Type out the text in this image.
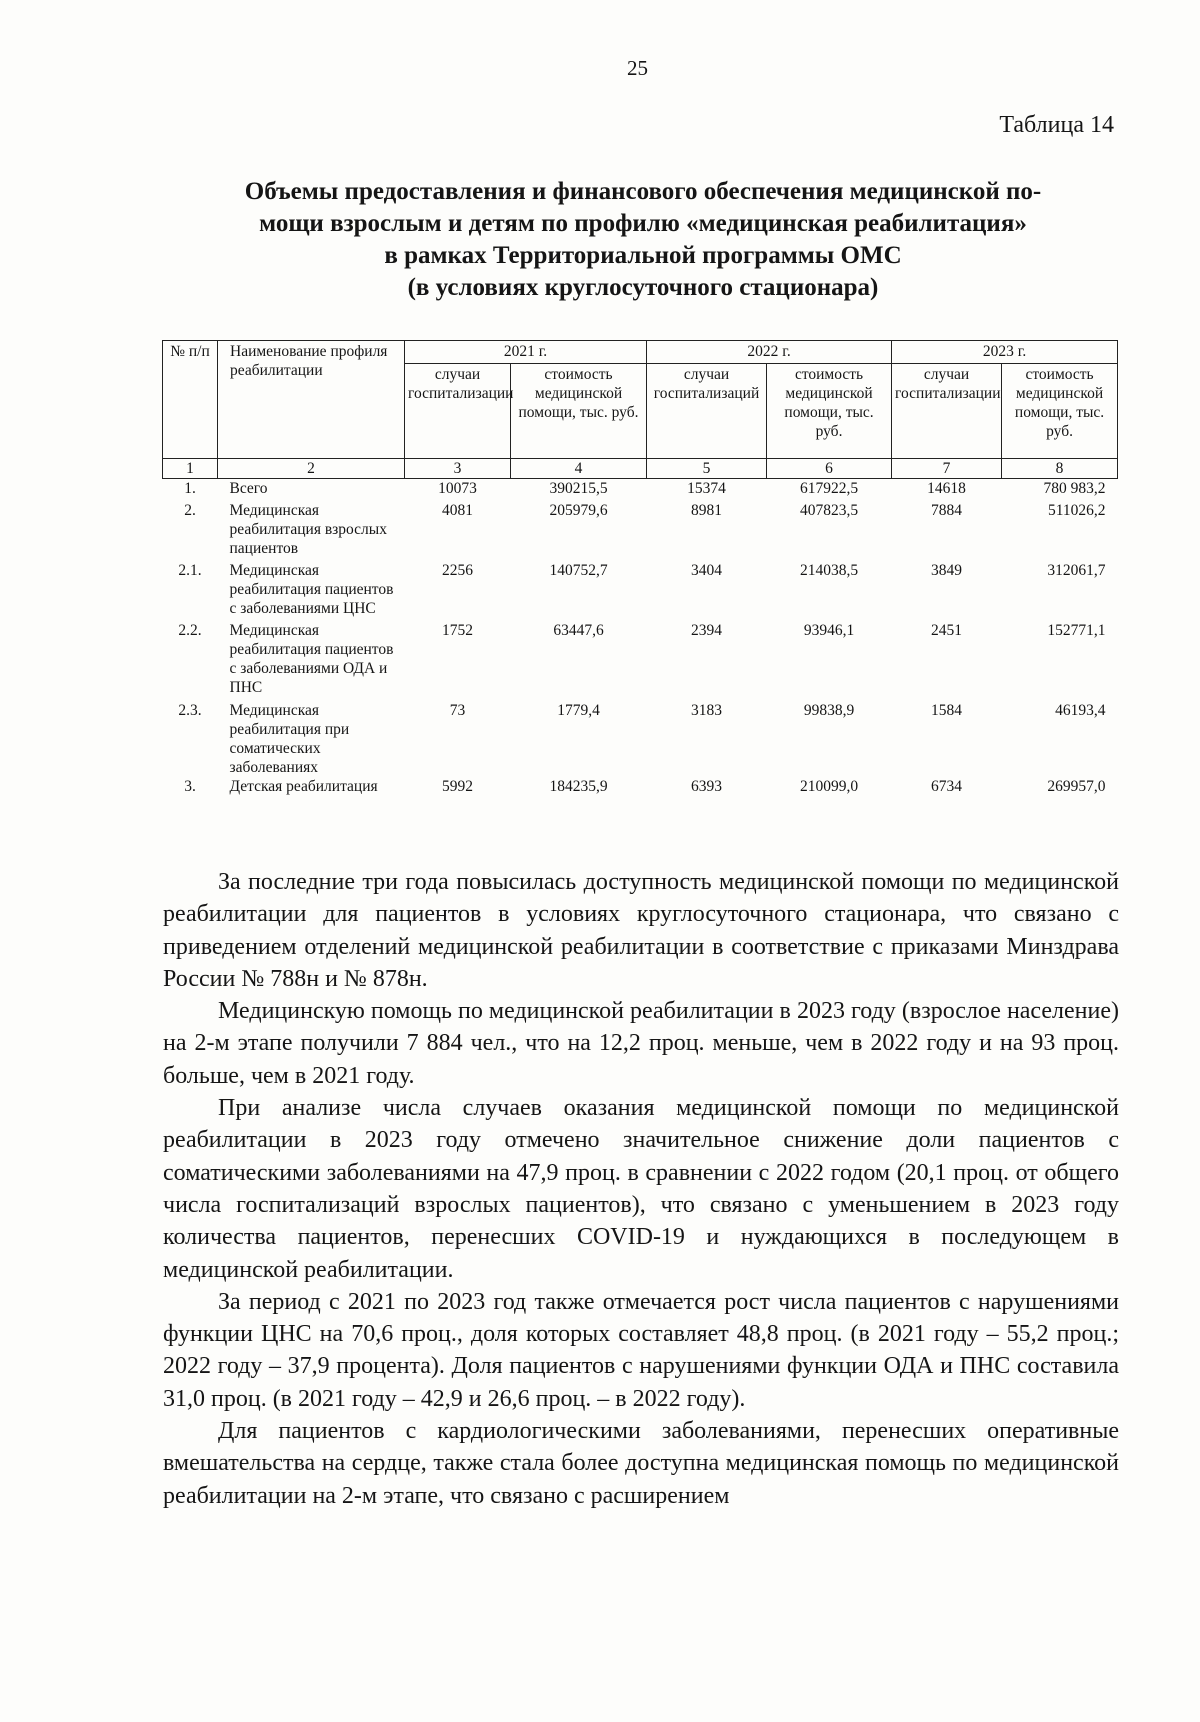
25
Таблица 14
Объемы предоставления и финансового обеспечения медицинской по-
мощи взрослым и детям по профилю «медицинская реабилитация»
в рамках Территориальной программы ОМС
(в условиях круглосуточного стационара)
№ п/п	Наименование профиля реабилитации	2021 г.		2022 г.		2023 г.	
		случаи госпитализации	стоимость медицинской помощи, тыс. руб.	случаи госпитализаций	стоимость медицинской помощи, тыс. руб.	случаи госпитализации	стоимость медицинской помощи, тыс. руб.
1	2	3	4	5	6	7	8
1.	Всего	10073	390215,5	15374	617922,5	14618	780 983,2
2.	Медицинская реабилитация взрослых пациентов	4081	205979,6	8981	407823,5	7884	511026,2
2.1.	Медицинская реабилитация пациентов с заболеваниями ЦНС	2256	140752,7	3404	214038,5	3849	312061,7
2.2.	Медицинская реабилитация пациентов с заболеваниями ОДА и ПНС	1752	63447,6	2394	93946,1	2451	152771,1
2.3.	Медицинская реабилитация при соматических заболеваниях	73	1779,4	3183	99838,9	1584	46193,4
3.	Детская реабилитация	5992	184235,9	6393	210099,0	6734	269957,0

За последние три года повысилась доступность медицинской помощи по медицинской реабилитации для пациентов в условиях круглосуточного стационара, что связано с приведением отделений медицинской реабилитации в соответствие с приказами Минздрава России № 788н и № 878н.

Медицинскую помощь по медицинской реабилитации в 2023 году (взрослое население) на 2-м этапе получили 7 884 чел., что на 12,2 проц. меньше, чем в 2022 году и на 93 проц. больше, чем в 2021 году.

При анализе числа случаев оказания медицинской помощи по медицинской реабилитации в 2023 году отмечено значительное снижение доли пациентов с соматическими заболеваниями на 47,9 проц. в сравнении с 2022 годом (20,1 проц. от общего числа госпитализаций взрослых пациентов), что связано с уменьшением в 2023 году количества пациентов, перенесших COVID-19 и нуждающихся в последующем в медицинской реабилитации.

За период с 2021 по 2023 год также отмечается рост числа пациентов с нарушениями функции ЦНС на 70,6 проц., доля которых составляет 48,8 проц. (в 2021 году – 55,2 проц.; 2022 году – 37,9 процента). Доля пациентов с нарушениями функции ОДА и ПНС составила 31,0 проц. (в 2021 году – 42,9 и 26,6 проц. – в 2022 году).

Для пациентов с кардиологическими заболеваниями, перенесших оперативные вмешательства на сердце, также стала более доступна медицинская помощь по медицинской реабилитации на 2-м этапе, что связано с расширением
